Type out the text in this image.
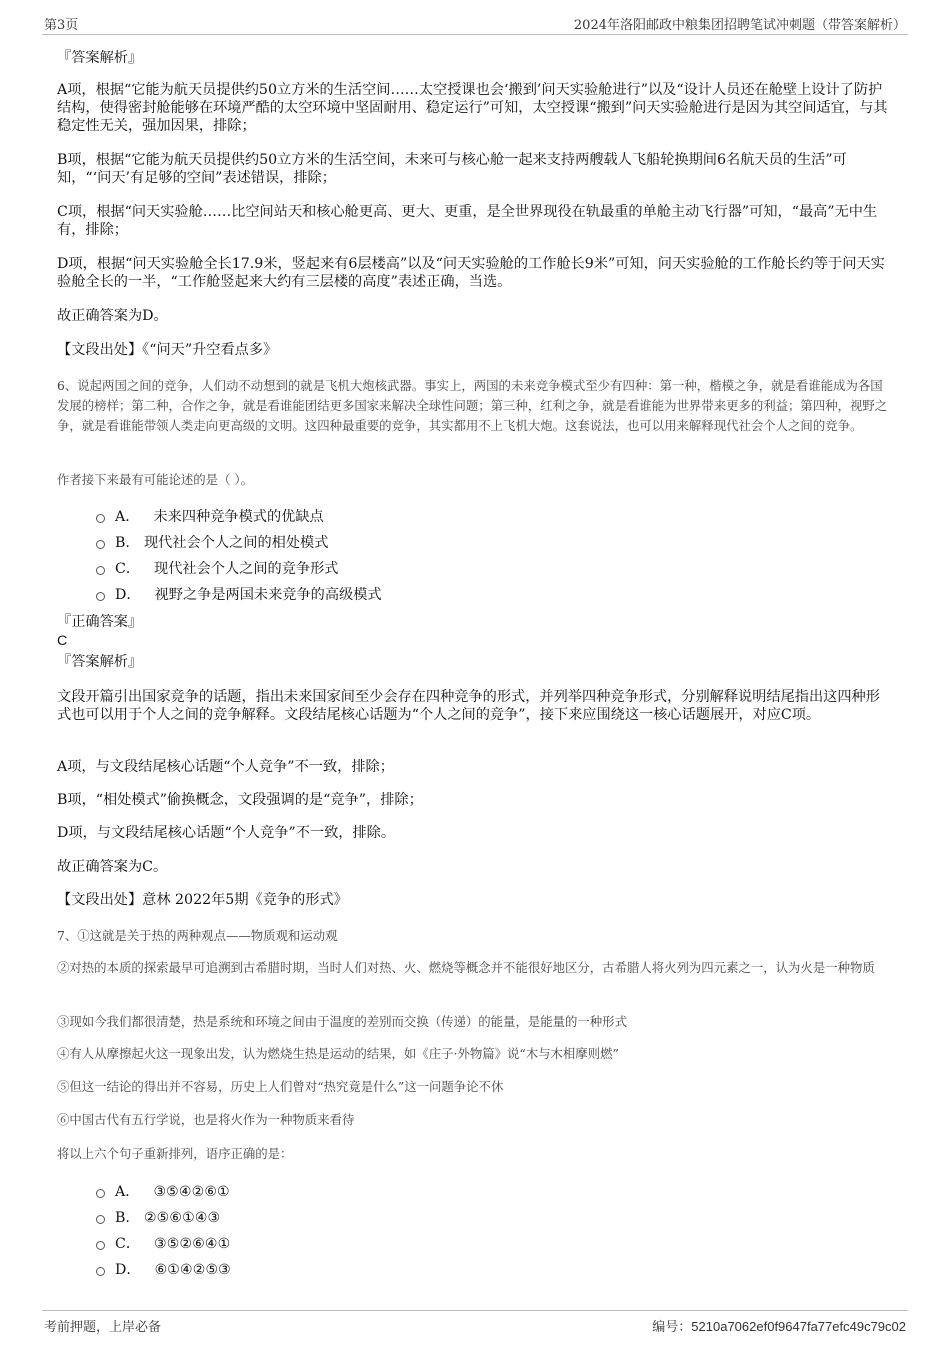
第3页	2024年洛阳邮政中粮集团招聘笔试冲刺题（带答案解析）
『答案解析』
A项，根据“它能为航天员提供约50立方米的生活空间……太空授课也会‘搬到’问天实验舱进行”以及“设计人员还在舱壁上设计了防护结构，使得密封舱能够在环境严酷的太空环境中坚固耐用、稳定运行”可知，太空授课“搬到”问天实验舱进行是因为其空间适宜，与其稳定性无关，强加因果，排除；
B项，根据“它能为航天员提供约50立方米的生活空间，未来可与核心舱一起来支持两艘载人飞船轮换期间6名航天员的生活”可知，“‘问天’有足够的空间”表述错误，排除；
C项，根据“问天实验舱……比空间站天和核心舱更高、更大、更重，是全世界现役在轨最重的单舱主动飞行器”可知，“最高”无中生有，排除；
D项，根据“问天实验舱全长17.9米，竖起来有6层楼高”以及“问天实验舱的工作舱长9米”可知，问天实验舱的工作舱长约等于问天实验舱全长的一半，“工作舱竖起来大约有三层楼的高度”表述正确，当选。
故正确答案为D。
【文段出处】《“问天”升空看点多》
6、说起两国之间的竞争，人们动不动想到的就是飞机大炮核武器。事实上，两国的未来竞争模式至少有四种：第一种，楷模之争，就是看谁能成为各国发展的榜样；第二种，合作之争，就是看谁能团结更多国家来解决全球性问题；第三种，红利之争，就是看谁能为世界带来更多的利益；第四种，视野之争，就是看谁能带领人类走向更高级的文明。这四种最重要的竞争，其实都用不上飞机大炮。这套说法，也可以用来解释现代社会个人之间的竞争。
作者接下来最有可能论述的是（ ）。
A． 未来四种竞争模式的优缺点
B. 现代社会个人之间的相处模式
C． 现代社会个人之间的竞争形式
D． 视野之争是两国未来竞争的高级模式
『正确答案』
C
『答案解析』
文段开篇引出国家竞争的话题，指出未来国家间至少会存在四种竞争的形式，并列举四种竞争形式，分别解释说明结尾指出这四种形式也可以用于个人之间的竞争解释。文段结尾核心话题为“个人之间的竞争”，接下来应围绕这一核心话题展开，对应C项。
A项，与文段结尾核心话题“个人竞争”不一致，排除；
B项，“相处模式”偷换概念，文段强调的是“竞争”，排除；
D项，与文段结尾核心话题“个人竞争”不一致，排除。
故正确答案为C。
【文段出处】意林 2022年5期《竞争的形式》
7、①这就是关于热的两种观点——物质观和运动观
②对热的本质的探索最早可追溯到古希腊时期，当时人们对热、火、燃烧等概念并不能很好地区分，古希腊人将火列为四元素之一，认为火是一种物质
③现如今我们都很清楚，热是系统和环境之间由于温度的差别而交换（传递）的能量，是能量的一种形式
④有人从摩擦起火这一现象出发，认为燃烧生热是运动的结果，如《庄子·外物篇》说“木与木相摩则燃”
⑤但这一结论的得出并不容易，历史上人们曾对“热究竟是什么”这一问题争论不休
⑥中国古代有五行学说，也是将火作为一种物质来看待
将以上六个句子重新排列，语序正确的是：
A． ③⑤④②⑥①
B. ②⑤⑥①④③
C． ③⑤②⑥④①
D． ⑥①④②⑤③
考前押题，上岸必备	编号：5210a7062ef0f9647fa77efc49c79c02
